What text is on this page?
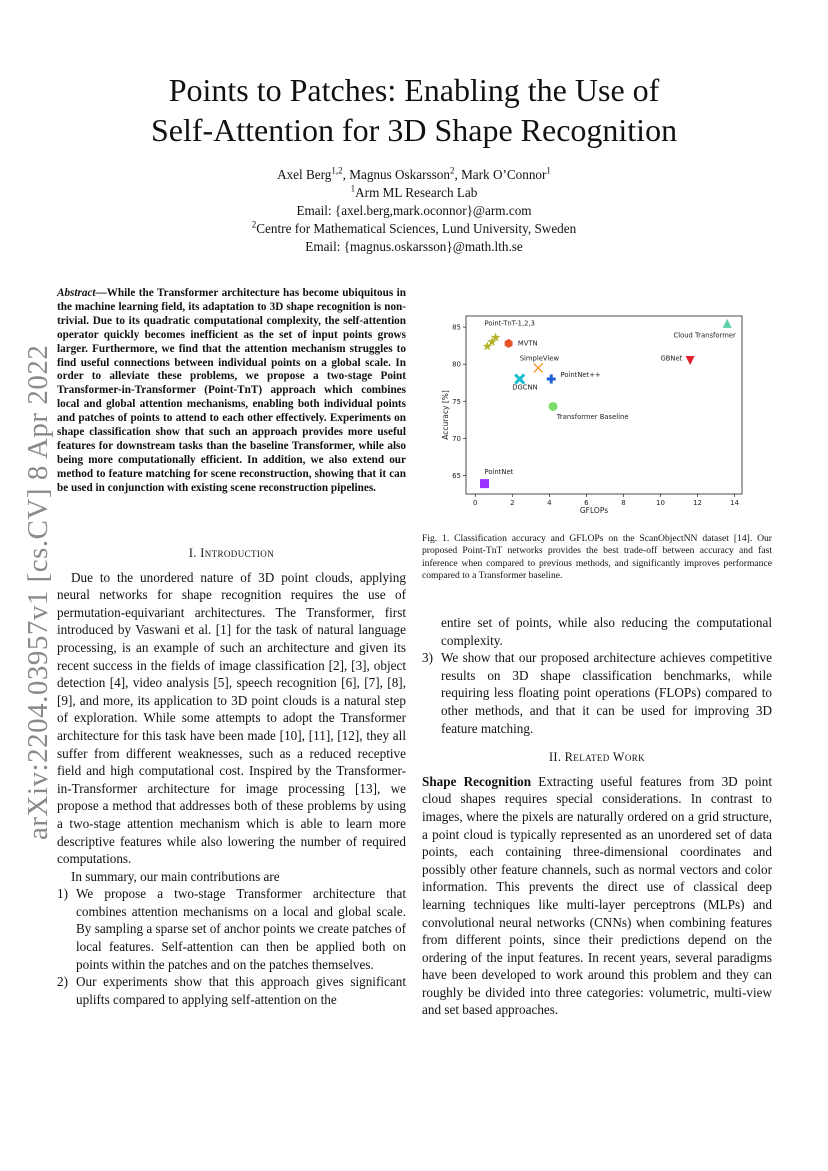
arXiv:2204.03957v1 [cs.CV] 8 Apr 2022
Points to Patches: Enabling the Use of
Self-Attention for 3D Shape Recognition
Axel Berg$^{1,2}$, Magnus Oskarsson$^2$, Mark O’Connor$^1$
$^1$Arm ML Research Lab
Email: {axel.berg,mark.oconnor}@arm.com
$^2$Centre for Mathematical Sciences, Lund University, Sweden
Email: {magnus.oskarsson}@math.lth.se
Abstract—While the Transformer architecture has become ubiquitous in the machine learning field, its adaptation to 3D shape recognition is non-trivial. Due to its quadratic computational complexity, the self-attention operator quickly becomes inefficient as the set of input points grows larger. Furthermore, we find that the attention mechanism struggles to find useful connections between individual points on a global scale. In order to alleviate these problems, we propose a two-stage Point Transformer-in-Transformer (Point-TnT) approach which combines local and global attention mechanisms, enabling both individual points and patches of points to attend to each other effectively. Experiments on shape classification show that such an approach provides more useful features for downstream tasks than the baseline Transformer, while also being more computationally efficient. In addition, we also extend our method to feature matching for scene reconstruction, showing that it can be used in conjunction with existing scene reconstruction pipelines.
I. Introduction

Due to the unordered nature of 3D point clouds, applying neural networks for shape recognition requires the use of permutation-equivariant architectures. The Transformer, first introduced by Vaswani et al. [1] for the task of natural language processing, is an example of such an architecture and given its recent success in the fields of image classification [2], [3], object detection [4], video analysis [5], speech recognition [6], [7], [8], [9], and more, its application to 3D point clouds is a natural step of exploration. While some attempts to adopt the Transformer architecture for this task have been made [10], [11], [12], they all suffer from different weaknesses, such as a reduced receptive field and high computational cost. Inspired by the Transformer-in-Transformer architecture for image processing [13], we propose a method that addresses both of these problems by using a two-stage attention mechanism which is able to learn more descriptive features while also lowering the number of required computations.

In summary, our main contributions are

1) We propose a two-stage Transformer architecture that combines attention mechanisms on a local and global scale. By sampling a sparse set of anchor points we create patches of local features. Self-attention can then be applied both on points within the patches and on the patches themselves.
2) Our experiments show that this approach gives significant uplifts compared to applying self-attention on the
0	2	4	6	8	10	12	14
65
70
75
80
85	Point-TnT-1,2,3
MVTN
SimpleView
PointNet++
DGCNN
Transformer Baseline
Cloud Transformer
GBNet
PointNet
GFLOPs
Accuracy [%]
Fig. 1. Classification accuracy and GFLOPs on the ScanObjectNN dataset [14]. Our proposed Point-TnT networks provides the best trade-off between accuracy and fast inference when compared to previous methods, and significantly improves performance compared to a Transformer baseline.
entire set of points, while also reducing the computational complexity.
3) We show that our proposed architecture achieves competitive results on 3D shape classification benchmarks, while requiring less floating point operations (FLOPs) compared to other methods, and that it can be used for improving 3D feature matching.
II. Related Work

Shape Recognition Extracting useful features from 3D point cloud shapes requires special considerations. In contrast to images, where the pixels are naturally ordered on a grid structure, a point cloud is typically represented as an unordered set of data points, each containing three-dimensional coordinates and possibly other feature channels, such as normal vectors and color information. This prevents the direct use of classical deep learning techniques like multi-layer perceptrons (MLPs) and convolutional neural networks (CNNs) when combining features from different points, since their predictions depend on the ordering of the input features. In recent years, several paradigms have been developed to work around this problem and they can roughly be divided into three categories: volumetric, multi-view and set based approaches.
